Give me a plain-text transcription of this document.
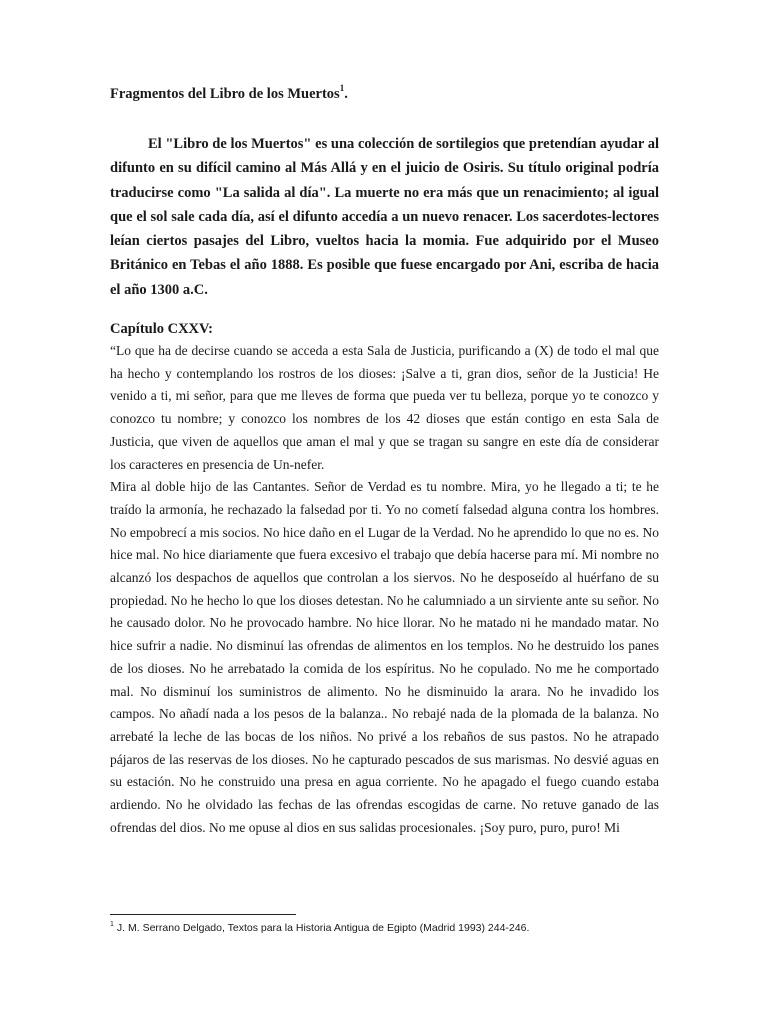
Fragmentos del Libro de los Muertos$^1$.

El "Libro de los Muertos" es una colección de sortilegios que pretendían ayudar al difunto en su difícil camino al Más Allá y en el juicio de Osiris. Su título original podría traducirse como "La salida al día". La muerte no era más que un renacimiento; al igual que el sol sale cada día, así el difunto accedía a un nuevo renacer. Los sacerdotes-lectores leían ciertos pasajes del Libro, vueltos hacia la momia. Fue adquirido por el Museo Británico en Tebas el año 1888. Es posible que fuese encargado por Ani, escriba de hacia el año 1300 a.C.

Capítulo CXXV:

“Lo que ha de decirse cuando se acceda a esta Sala de Justicia, purificando a (X) de todo el mal que ha hecho y contemplando los rostros de los dioses: ¡Salve a ti, gran dios, señor de la Justicia! He venido a ti, mi señor, para que me lleves de forma que pueda ver tu belleza, porque yo te conozco y conozco tu nombre; y conozco los nombres de los 42 dioses que están contigo en esta Sala de Justicia, que viven de aquellos que aman el mal y que se tragan su sangre en este día de considerar los caracteres en presencia de Un-nefer.

Mira al doble hijo de las Cantantes. Señor de Verdad es tu nombre. Mira, yo he llegado a ti; te he traído la armonía, he rechazado la falsedad por ti. Yo no cometí falsedad alguna contra los hombres. No empobrecí a mis socios. No hice daño en el Lugar de la Verdad. No he aprendido lo que no es. No hice mal. No hice diariamente que fuera excesivo el trabajo que debía hacerse para mí. Mi nombre no alcanzó los despachos de aquellos que controlan a los siervos. No he desposeído al huérfano de su propiedad. No he hecho lo que los dioses detestan. No he calumniado a un sirviente ante su señor. No he causado dolor. No he provocado hambre. No hice llorar. No he matado ni he mandado matar. No hice sufrir a nadie. No disminuí las ofrendas de alimentos en los templos. No he destruido los panes de los dioses. No he arrebatado la comida de los espíritus. No he copulado. No me he comportado mal. No disminuí los suministros de alimento. No he disminuido la arara. No he invadido los campos. No añadí nada a los pesos de la balanza.. No rebajé nada de la plomada de la balanza. No arrebaté la leche de las bocas de los niños. No privé a los rebaños de sus pastos. No he atrapado pájaros de las reservas de los dioses. No he capturado pescados de sus marismas. No desvié aguas en su estación. No he construido una presa en agua corriente. No he apagado el fuego cuando estaba ardiendo. No he olvidado las fechas de las ofrendas escogidas de carne. No retuve ganado de las ofrendas del dios. No me opuse al dios en sus salidas procesionales. ¡Soy puro, puro, puro! Mi

$^1$ J. M. Serrano Delgado, Textos para la Historia Antigua de Egipto (Madrid 1993) 244-246.
